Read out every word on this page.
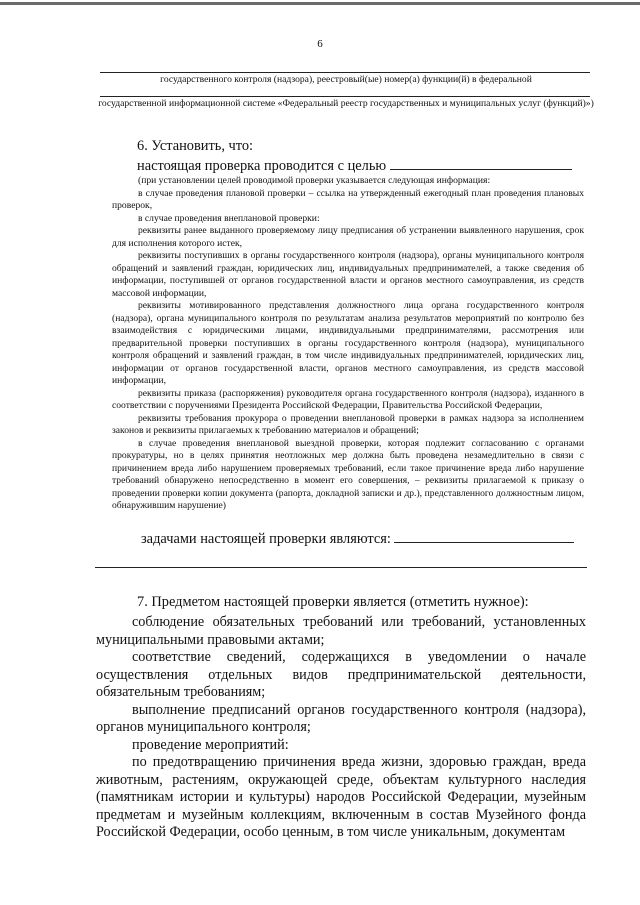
6
государственного контроля (надзора), реестровый(ые) номер(а) функции(й) в федеральной
государственной информационной системе «Федеральный реестр государственных и муниципальных услуг (функций)»)
6. Установить, что:
настоящая проверка проводится с целью

(при установлении целей проводимой проверки указывается следующая информация:

в случае проведения плановой проверки – ссылка на утвержденный ежегодный план проведения плановых проверок,

в случае проведения внеплановой проверки:

реквизиты ранее выданного проверяемому лицу предписания об устранении выявленного нарушения, срок для исполнения которого истек,

реквизиты поступивших в органы государственного контроля (надзора), органы муниципального контроля обращений и заявлений граждан, юридических лиц, индивидуальных предпринимателей, а также сведения об информации, поступившей от органов государственной власти и органов местного самоуправления, из средств массовой информации,

реквизиты мотивированного представления должностного лица органа государственного контроля (надзора), органа муниципального контроля по результатам анализа результатов мероприятий по контролю без взаимодействия с юридическими лицами, индивидуальными предпринимателями, рассмотрения или предварительной проверки поступивших в органы государственного контроля (надзора), муниципального контроля обращений и заявлений граждан, в том числе индивидуальных предпринимателей, юридических лиц, информации от органов государственной власти, органов местного самоуправления, из средств массовой информации,

реквизиты приказа (распоряжения) руководителя органа государственного контроля (надзора), изданного в соответствии с поручениями Президента Российской Федерации, Правительства Российской Федерации,

реквизиты требования прокурора о проведении внеплановой проверки в рамках надзора за исполнением законов и реквизиты прилагаемых к требованию материалов и обращений;

в случае проведения внеплановой выездной проверки, которая подлежит согласованию с органами прокуратуры, но в целях принятия неотложных мер должна быть проведена незамедлительно в связи с причинением вреда либо нарушением проверяемых требований, если такое причинение вреда либо нарушение требований обнаружено непосредственно в момент его совершения, – реквизиты прилагаемой к приказу о проведении проверки копии документа (рапорта, докладной записки и др.), представленного должностным лицом, обнаружившим нарушение)

задачами настоящей проверки являются:
7. Предметом настоящей проверки является (отметить нужное):

соблюдение обязательных требований или требований, установленных муниципальными правовыми актами;

соответствие сведений, содержащихся в уведомлении о начале осуществления отдельных видов предпринимательской деятельности, обязательным требованиям;

выполнение предписаний органов государственного контроля (надзора), органов муниципального контроля;

проведение мероприятий:

по предотвращению причинения вреда жизни, здоровью граждан, вреда животным, растениям, окружающей среде, объектам культурного наследия (памятникам истории и культуры) народов Российской Федерации, музейным предметам и музейным коллекциям, включенным в состав Музейного фонда Российской Федерации, особо ценным, в том числе уникальным, документам
